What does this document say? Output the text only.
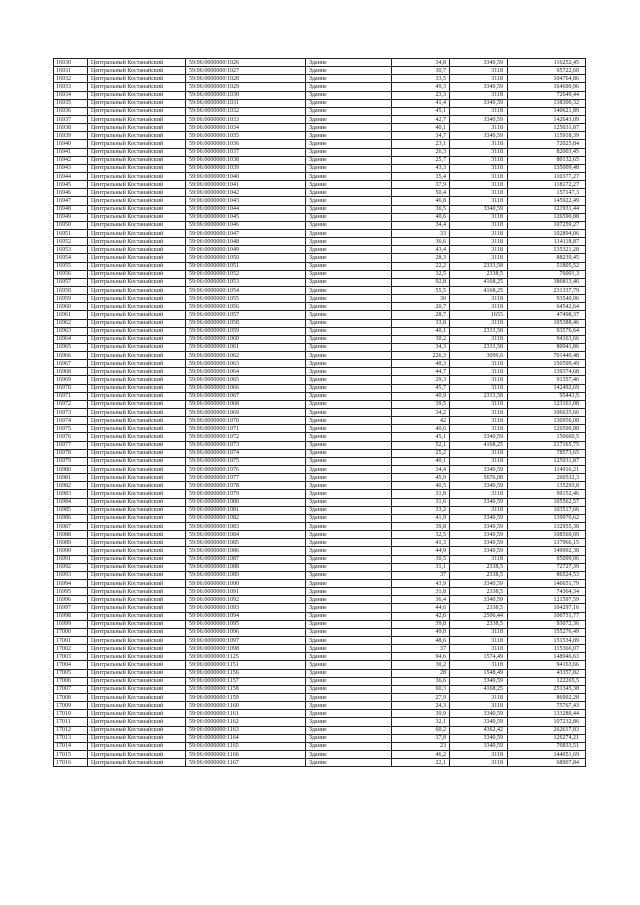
16930	Центральный Костанайский	59:06:0000000:1026	Здание	34,8	3340,59	116252,45
16931	Центральный Костанайский	59:06:0000000:1027	Здание	30,7	3118	95722,60
16932	Центральный Костанайский	59:06:0000000:1028	Здание	33,5	3118	104764,86
16933	Центральный Костанайский	59:06:0000000:1029	Здание	49,3	3340,59	164690,96
16934	Центральный Костанайский	59:06:0000000:1030	Здание	23,3	3118	72649,44
16935	Центральный Костанайский	59:06:0000000:1031	Здание	41,4	3340,59	138300,32
16936	Центральный Костанайский	59:06:0000000:1032	Здание	45,1	3118	140621,89
16937	Центральный Костанайский	59:06:0000000:1033	Здание	42,7	3340,59	142643,09
16938	Центральный Костанайский	59:06:0000000:1034	Здание	40,1	3118	125031,87
16939	Центральный Костанайский	59:06:0000000:1035	Здание	34,7	3340,59	115918,39
16940	Центральный Костанайский	59:06:0000000:1036	Здание	23,1	3118	72025,84
16941	Центральный Костанайский	59:06:0000000:1037	Здание	26,3	3118	82003,45
16942	Центральный Костанайский	59:06:0000000:1038	Здание	25,7	3118	80132,65
16943	Центральный Костанайский	59:06:0000000:1039	Здание	43,3	3118	135009,48
16944	Центральный Костанайский	59:06:0000000:1040	Здание	35,4	3118	110377,27
16945	Центральный Костанайский	59:06:0000000:1041	Здание	37,9	3118	118172,27
16946	Центральный Костанайский	59:06:0000000:1042	Здание	50,4	3118	157147,3
16947	Центральный Костанайский	59:06:0000000:1043	Здание	46,8	3118	145922,49
16948	Центральный Костанайский	59:06:0000000:1044	Здание	36,5	3340,59	121931,44
16949	Центральный Костанайский	59:06:0000000:1045	Здание	40,6	3118	126590,88
16950	Центральный Костанайский	59:06:0000000:1046	Здание	34,4	3118	107259,27
16951	Центральный Костанайский	59:06:0000000:1047	Здание	33	3118	102894,06
16952	Центральный Костанайский	59:06:0000000:1048	Здание	36,6	3118	114118,87
16953	Центральный Костанайский	59:06:0000000:1049	Здание	43,4	3118	135321,28
16954	Центральный Костанайский	59:06:0000000:1050	Здание	28,3	3118	88239,45
16955	Центральный Костанайский	59:06:0000000:1051	Здание	22,2	2333,58	51805,52
16956	Центральный Костанайский	59:06:0000000:1052	Здание	32,5	2338,5	76001,3
16957	Центральный Костанайский	59:06:0000000:1053	Здание	92,8	4168,25	386813,46
16958	Центральный Костанайский	59:06:0000000:1054	Здание	55,5	4168,25	231337,79
16959	Центральный Костанайский	59:06:0000000:1055	Здание	30	3118	93540,06
16960	Центральный Костанайский	59:06:0000000:1056	Здание	20,7	3118	64542,64
16961	Центральный Костанайский	59:06:0000000:1057	Здание	28,7	1655	47498,37
16962	Центральный Костанайский	59:06:0000000:1058	Здание	33,8	3118	105388,46
16963	Центральный Костанайский	59:06:0000000:1059	Здание	40,1	2333,58	93576,64
16964	Центральный Костанайский	59:06:0000000:1060	Здание	30,2	3118	94163,66
16965	Центральный Костанайский	59:06:0000000:1061	Здание	34,3	2333,58	80041,86
16966	Центральный Костанайский	59:06:0000000:1062	Здание	226,3	3099,6	701440,48
16967	Центральный Костанайский	59:06:0000000:1063	Здание	48,3	3118	150599,49
16968	Центральный Костанайский	59:06:0000000:1064	Здание	44,7	3118	139374,68
16969	Центральный Костанайский	59:06:0000000:1065	Здание	29,3	3118	91357,46
16970	Центральный Костанайский	59:06:0000000:1066	Здание	45,7	3118	142492,69
16971	Центральный Костанайский	59:06:0000000:1067	Здание	40,9	2333,58	95443,5
16972	Центральный Костанайский	59:06:0000000:1068	Здание	39,5	3118	123161,08
16973	Центральный Костанайский	59:06:0000000:1069	Здание	34,2	3118	106635,66
16974	Центральный Костанайский	59:06:0000000:1070	Здание	42	3118	130956,08
16975	Центральный Костанайский	59:06:0000000:1071	Здание	40,6	3118	126590,88
16976	Центральный Костанайский	59:06:0000000:1072	Здание	45,1	3340,59	150660,5
16977	Центральный Костанайский	59:06:0000000:1073	Здание	52,1	4168,25	217165,75
16978	Центральный Костанайский	59:06:0000000:1074	Здание	25,2	3118	78573,65
16979	Центральный Костанайский	59:06:0000000:1075	Здание	40,1	3118	125031,87
16980	Центральный Костанайский	59:06:0000000:1076	Здание	34,4	3340,59	114916,21
16981	Центральный Костанайский	59:06:0000000:1077	Здание	45,9	5676,08	260532,3
16982	Центральный Костанайский	59:06:0000000:1078	Здание	40,5	3340,59	135293,8
16983	Центральный Костанайский	59:06:0000000:1079	Здание	31,8	3118	99152,46
16984	Центральный Костанайский	59:06:0000000:1080	Здание	31,6	3340,59	105562,57
16985	Центральный Костанайский	59:06:0000000:1081	Здание	33,2	3118	103517,66
16986	Центральный Костанайский	59:06:0000000:1082	Здание	41,9	3340,59	139970,62
16987	Центральный Костанайский	59:06:0000000:1083	Здание	39,8	3340,59	132955,38
16988	Центральный Костанайский	59:06:0000000:1084	Здание	32,5	3340,59	108569,09
16989	Центральный Костанайский	59:06:0000000:1085	Здание	41,3	3340,59	137966,15
16990	Центральный Костанайский	59:06:0000000:1086	Здание	44,9	3340,59	149992,38
16991	Центральный Костанайский	59:06:0000000:1087	Здание	30,5	3118	95099,06
16992	Центральный Костанайский	59:06:0000000:1088	Здание	31,1	2338,5	72727,39
16993	Центральный Костанайский	59:06:0000000:1089	Здание	37	2338,5	86524,53
16994	Центральный Костанайский	59:06:0000000:1090	Здание	43,9	3340,59	146651,79
16995	Центральный Костанайский	59:06:0000000:1091	Здание	31,8	2338,5	74364,34
16996	Центральный Костанайский	59:06:0000000:1092	Здание	36,4	3340,59	121597,59
16997	Центральный Костанайский	59:06:0000000:1093	Здание	44,6	2338,5	104297,16
16998	Центральный Костанайский	59:06:0000000:1094	Здание	42,6	2506,44	106731,77
16999	Центральный Костанайский	59:06:0000000:1095	Здание	39,8	2338,5	93072,36
17000	Центральный Костанайский	59:06:0000000:1096	Здание	49,8	3118	155276,49
17001	Центральный Костанайский	59:06:0000000:1097	Здание	48,6	3118	151534,89
17002	Центральный Костанайский	59:06:0000000:1098	Здание	37	3118	115366,07
17003	Центральный Костанайский	59:06:0000000:1125	Здание	94,6	1574,49	148946,63
17004	Центральный Костанайский	59:06:0000000:1151	Здание	30,2	3118	94163,66
17005	Центральный Костанайский	59:06:0000000:1156	Здание	28	1548,49	43357,82
17006	Центральный Костанайский	59:06:0000000:1157	Здание	36,6	3340,59	122265,5
17007	Центральный Костанайский	59:06:0000000:1158	Здание	60,3	4168,25	251345,38
17008	Центральный Костанайский	59:06:0000000:1159	Здание	27,9	3118	86992,28
17009	Центральный Костанайский	59:06:0000000:1160	Здание	24,3	3118	75767,43
17010	Центральный Костанайский	59:06:0000000:1161	Здание	39,9	3340,59	133289,44
17011	Центральный Костанайский	59:06:0000000:1162	Здание	32,1	3340,59	107232,86
17012	Центральный Костанайский	59:06:0000000:1163	Здание	60,2	4362,42	262617,83
17013	Центральный Костанайский	59:06:0000000:1164	Здание	37,8	3340,59	126274,21
17014	Центральный Костанайский	59:06:0000000:1165	Здание	23	3340,59	76833,51
17015	Центральный Костанайский	59:06:0000000:1166	Здание	46,2	3118	144051,69
17016	Центральный Костанайский	59:06:0000000:1167	Здание	22,1	3118	68907,84
